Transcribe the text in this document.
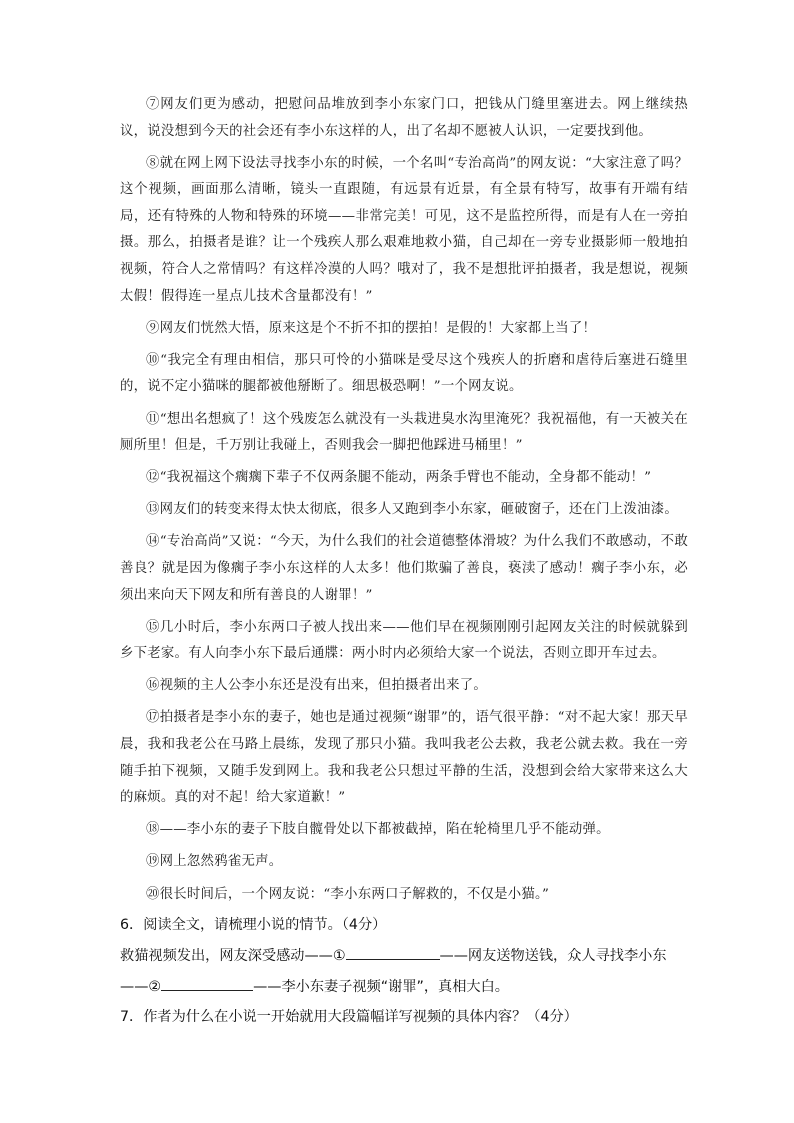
⑦网友们更为感动，把慰问品堆放到李小东家门口，把钱从门缝里塞进去。网上继续热议，说没想到今天的社会还有李小东这样的人，出了名却不愿被人认识，一定要找到他。

⑧就在网上网下设法寻找李小东的时候，一个名叫“专治高尚”的网友说：“大家注意了吗？这个视频，画面那么清晰，镜头一直跟随，有远景有近景，有全景有特写，故事有开端有结局，还有特殊的人物和特殊的环境——非常完美！可见，这不是监控所得，而是有人在一旁拍摄。那么，拍摄者是谁？让一个残疾人那么艰难地救小猫，自己却在一旁专业摄影师一般地拍视频，符合人之常情吗？有这样冷漠的人吗？哦对了，我不是想批评拍摄者，我是想说，视频太假！假得连一星点儿技术含量都没有！”

⑨网友们恍然大悟，原来这是个不折不扣的摆拍！是假的！大家都上当了！

⑩“我完全有理由相信，那只可怜的小猫咪是受尽这个残疾人的折磨和虐待后塞进石缝里的，说不定小猫咪的腿都被他掰断了。细思极恐啊！”一个网友说。

⑪“想出名想疯了！这个残废怎么就没有一头栽进臭水沟里淹死？我祝福他，有一天被关在厕所里！但是，千万别让我碰上，否则我会一脚把他踩进马桶里！”

⑫“我祝福这个瘸瘸下辈子不仅两条腿不能动，两条手臂也不能动，全身都不能动！”

⑬网友们的转变来得太快太彻底，很多人又跑到李小东家，砸破窗子，还在门上泼油漆。

⑭“专治高尚”又说：“今天，为什么我们的社会道德整体滑坡？为什么我们不敢感动，不敢善良？就是因为像瘸子李小东这样的人太多！他们欺骗了善良，亵渎了感动！瘸子李小东，必须出来向天下网友和所有善良的人谢罪！”

⑮几小时后，李小东两口子被人找出来——他们早在视频刚刚引起网友关注的时候就躲到乡下老家。有人向李小东下最后通牒：两小时内必须给大家一个说法，否则立即开车过去。

⑯视频的主人公李小东还是没有出来，但拍摄者出来了。

⑰拍摄者是李小东的妻子，她也是通过视频“谢罪”的，语气很平静：“对不起大家！那天早晨，我和我老公在马路上晨练，发现了那只小猫。我叫我老公去救，我老公就去救。我在一旁随手拍下视频，又随手发到网上。我和我老公只想过平静的生活，没想到会给大家带来这么大的麻烦。真的对不起！给大家道歉！”

⑱——李小东的妻子下肢自髋骨处以下都被截掉，陷在轮椅里几乎不能动弹。

⑲网上忽然鸦雀无声。

⑳很长时间后，一个网友说：“李小东两口子解救的，不仅是小猫。”

6．阅读全文，请梳理小说的情节。（4分）
救猫视频发出，网友深受感动——①	——网友送物送钱，众人寻找李小东
——②	——李小东妻子视频“谢罪”，真相大白。
7．作者为什么在小说一开始就用大段篇幅详写视频的具体内容？（4分）
